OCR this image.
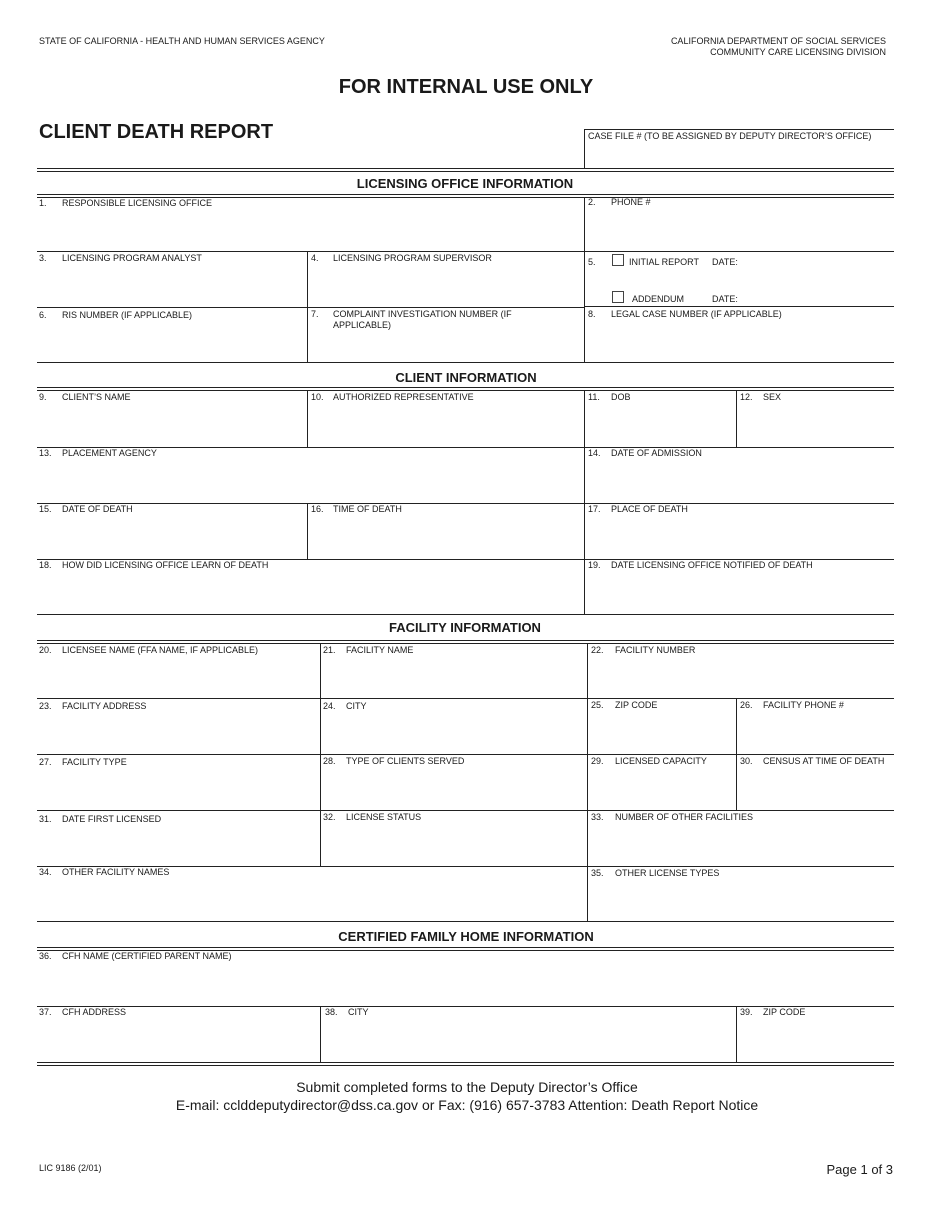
STATE OF CALIFORNIA - HEALTH AND HUMAN SERVICES AGENCY	CALIFORNIA DEPARTMENT OF SOCIAL SERVICES
COMMUNITY CARE LICENSING DIVISION
FOR INTERNAL USE ONLY
CLIENT DEATH REPORT	CASE FILE # (TO BE ASSIGNED BY DEPUTY DIRECTOR’S OFFICE)
LICENSING OFFICE INFORMATION
1. RESPONSIBLE LICENSING OFFICE	2. PHONE #
3. LICENSING PROGRAM ANALYST	4. LICENSING PROGRAM SUPERVISOR	5.	INITIAL REPORT DATE:
ADDENDUM	DATE:
6. RIS NUMBER (IF APPLICABLE)	7. COMPLAINT INVESTIGATION NUMBER (IF APPLICABLE)
8. LEGAL CASE NUMBER (IF APPLICABLE)
CLIENT INFORMATION
9. CLIENT’S NAME	10. AUTHORIZED REPRESENTATIVE	11. DOB	12. SEX
13. PLACEMENT AGENCY	14. DATE OF ADMISSION
15. DATE OF DEATH	16. TIME OF DEATH	17. PLACE OF DEATH
18. HOW DID LICENSING OFFICE LEARN OF DEATH	19. DATE LICENSING OFFICE NOTIFIED OF DEATH
FACILITY INFORMATION
20. LICENSEE NAME (FFA NAME, IF APPLICABLE)	21. FACILITY NAME	22. FACILITY NUMBER
23. FACILITY ADDRESS	24. CITY	25. ZIP CODE	26. FACILITY PHONE #
27. FACILITY TYPE	28. TYPE OF CLIENTS SERVED	29. LICENSED CAPACITY	30. CENSUS AT TIME OF DEATH
31. DATE FIRST LICENSED	32. LICENSE STATUS	33. NUMBER OF OTHER FACILITIES
34. OTHER FACILITY NAMES	35. OTHER LICENSE TYPES
CERTIFIED FAMILY HOME INFORMATION
36. CFH NAME (CERTIFIED PARENT NAME)
37. CFH ADDRESS	38. CITY	39. ZIP CODE
Submit completed forms to the Deputy Director’s Office
E-mail: cclddeputydirector@dss.ca.gov or Fax: (916) 657-3783 Attention: Death Report Notice
LIC 9186 (2/01)	Page 1 of 3
